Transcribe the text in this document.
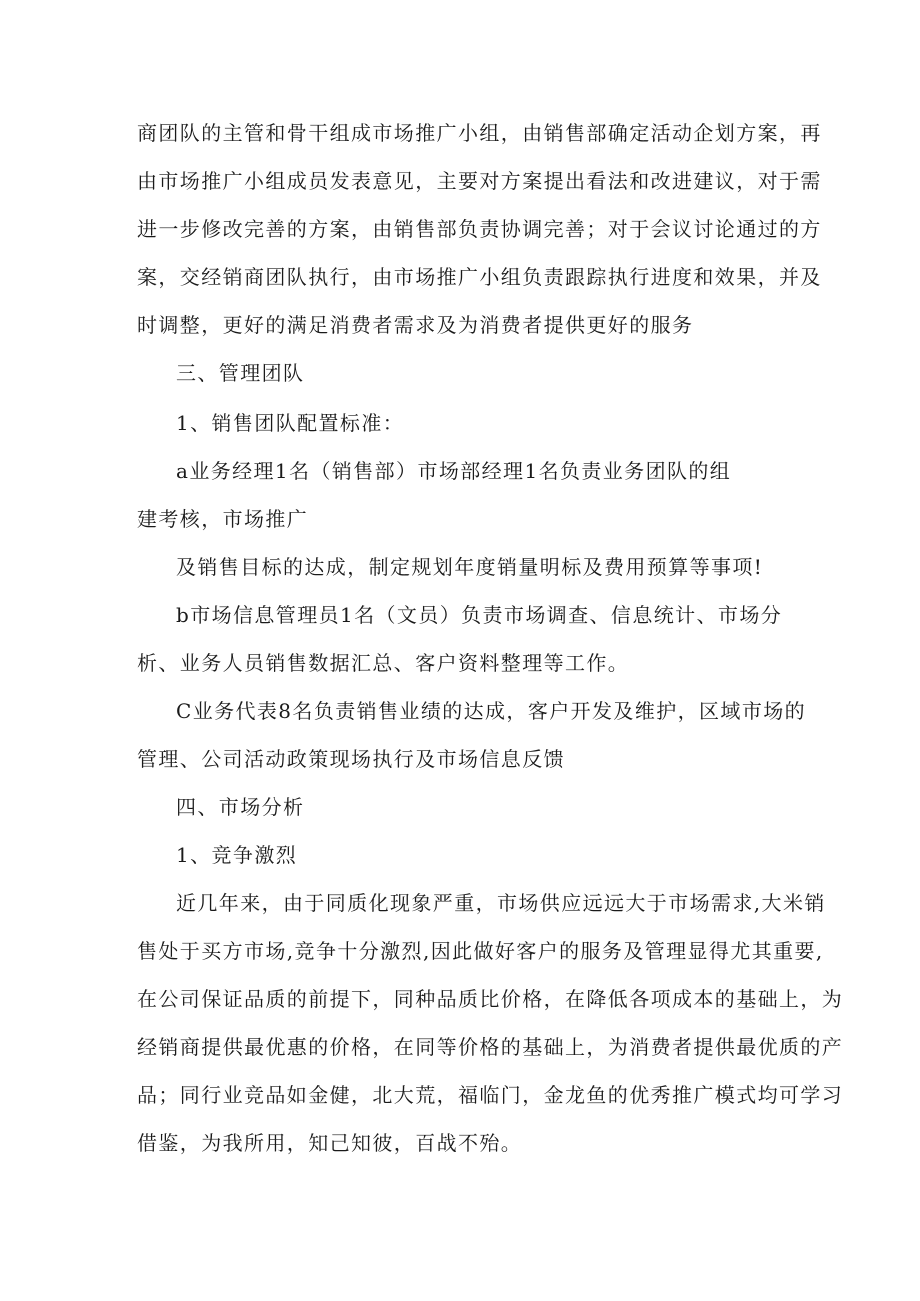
商团队的主管和骨干组成市场推广小组，由销售部确定活动企划方案，再
由市场推广小组成员发表意见，主要对方案提出看法和改进建议，对于需
进一步修改完善的方案，由销售部负责协调完善；对于会议讨论通过的方
案，交经销商团队执行，由市场推广小组负责跟踪执行进度和效果，并及
时调整，更好的满足消费者需求及为消费者提供更好的服务
三、管理团队
1、销售团队配置标准：
a业务经理1名（销售部）市场部经理1名负责业务团队的组
建考核，市场推广
及销售目标的达成，制定规划年度销量明标及费用预算等事项!
b市场信息管理员1名（文员）负责市场调查、信息统计、市场分
析、业务人员销售数据汇总、客户资料整理等工作。
C业务代表8名负责销售业绩的达成，客户开发及维护，区域市场的
管理、公司活动政策现场执行及市场信息反馈
四、市场分析
1、竞争激烈
近几年来，由于同质化现象严重，市场供应远远大于市场需求,大米销
售处于买方市场,竞争十分激烈,因此做好客户的服务及管理显得尤其重要,
在公司保证品质的前提下，同种品质比价格，在降低各项成本的基础上，为
经销商提供最优惠的价格，在同等价格的基础上，为消费者提供最优质的产
品；同行业竞品如金健，北大荒，福临门，金龙鱼的优秀推广模式均可学习
借鉴，为我所用，知己知彼，百战不殆。
